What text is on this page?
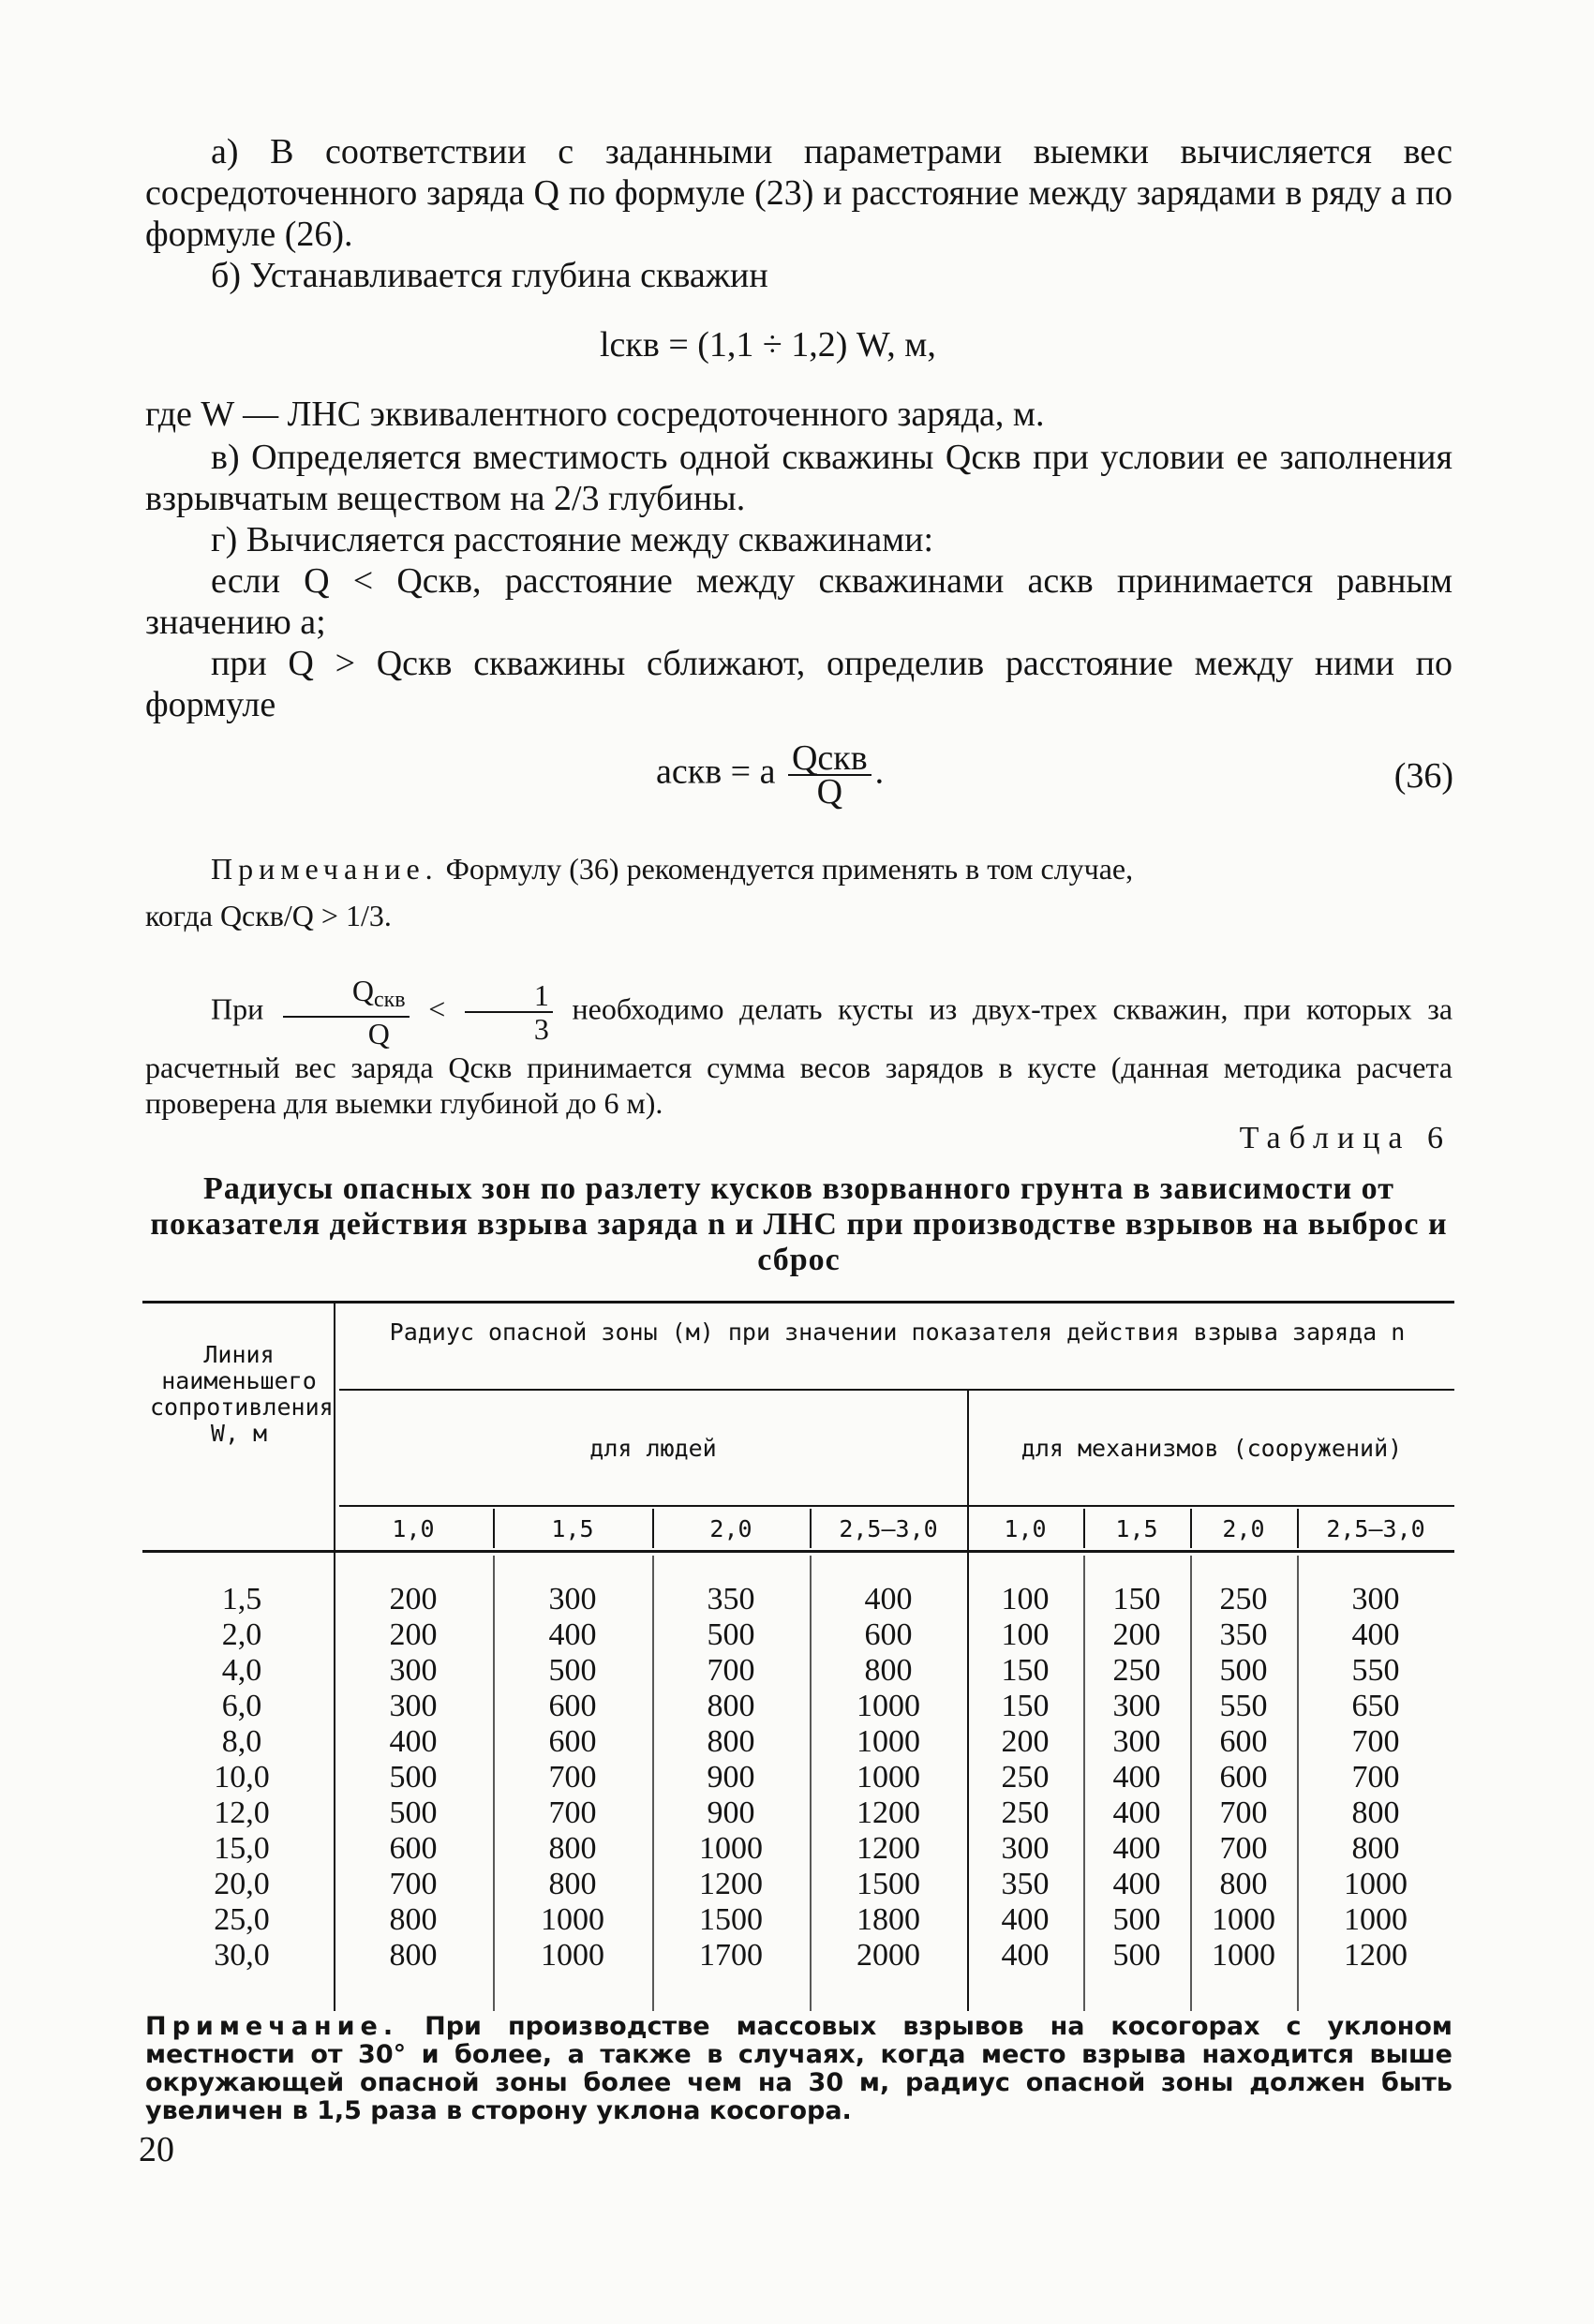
а) В соответствии с заданными параметрами выемки вычисляется вес сосредоточенного заряда Q по формуле (23) и расстояние между зарядами в ряду a по формуле (26).
б) Устанавливается глубина скважин
lскв = (1,1 ÷ 1,2) W, м,
где W — ЛНС эквивалентного сосредоточенного заряда, м.
в) Определяется вместимость одной скважины Qскв при условии ее заполнения взрывчатым веществом на 2/3 глубины.
г) Вычисляется расстояние между скважинами:
если Q < Qскв, расстояние между скважинами aскв принимается равным значению a;
при Q > Qскв скважины сближают, определив расстояние между ними по формуле
aскв = a $\frac{\text{Qскв}}{Q}$ .	(36)
Примечание. Формулу (36) рекомендуется применять в том случае,
когда Qскв/Q > 1/3.
При $\frac{Q_{скв}}{Q} < \frac{1}{3}$ необходимо делать кусты из двух-трех скважин, при которых за расчетный вес заряда Qскв принимается сумма весов зарядов в кусте (данная методика расчета проверена для выемки глубиной до 6 м).
Таблица 6
Радиусы опасных зон по разлету кусков взорванного грунта в зависимости от показателя действия взрыва заряда n и ЛНС при производстве взрывов на выброс и сброс
Линия наименьшего сопротивления W, м
Радиус опасной зоны (м) при значении показателя действия взрыва заряда n
для людей	для механизмов (сооружений)
1,0	1,5	2,0	2,5—3,0	1,0	1,5	2,0	2,5—3,0
1,5	200	300	350	400	100	150	250	300
2,0	200	400	500	600	100	200	350	400
4,0	300	500	700	800	150	250	500	550
6,0	300	600	800	1000	150	300	550	650
8,0	400	600	800	1000	200	300	600	700
10,0	500	700	900	1000	250	400	600	700
12,0	500	700	900	1200	250	400	700	800
15,0	600	800	1000	1200	300	400	700	800
20,0	700	800	1200	1500	350	400	800	1000
25,0	800	1000	1500	1800	400	500	1000	1000
30,0	800	1000	1700	2000	400	500	1000	1200
Примечание. При производстве массовых взрывов на косогорах с уклоном местности от 30° и более, а также в случаях, когда место взрыва находится выше окружающей опасной зоны более чем на 30 м, радиус опасной зоны должен быть увеличен в 1,5 раза в сторону уклона косогора.
20
